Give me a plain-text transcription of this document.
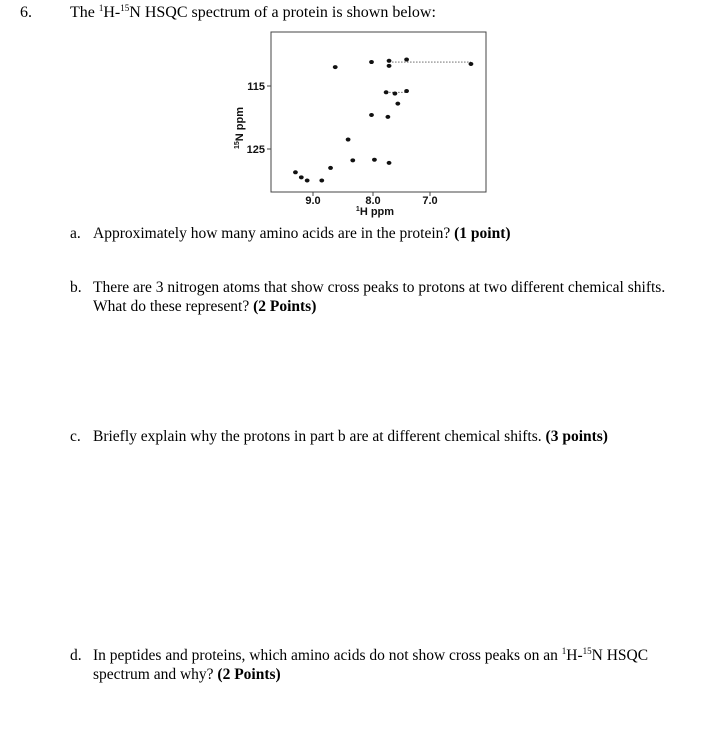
6. The $^1$H-$^{15}$N HSQC spectrum of a protein is shown below:
115
125
9.0	8.0	7.0
$^1$H ppm
$^{15}$N ppm
a. Approximately how many amino acids are in the protein? (1 point)
b. There are 3 nitrogen atoms that show cross peaks to protons at two different chemical shifts. What do these represent? (2 Points)
c. Briefly explain why the protons in part b are at different chemical shifts. (3 points)
d. In peptides and proteins, which amino acids do not show cross peaks on an $^1$H-$^{15}$N HSQC spectrum and why? (2 Points)
